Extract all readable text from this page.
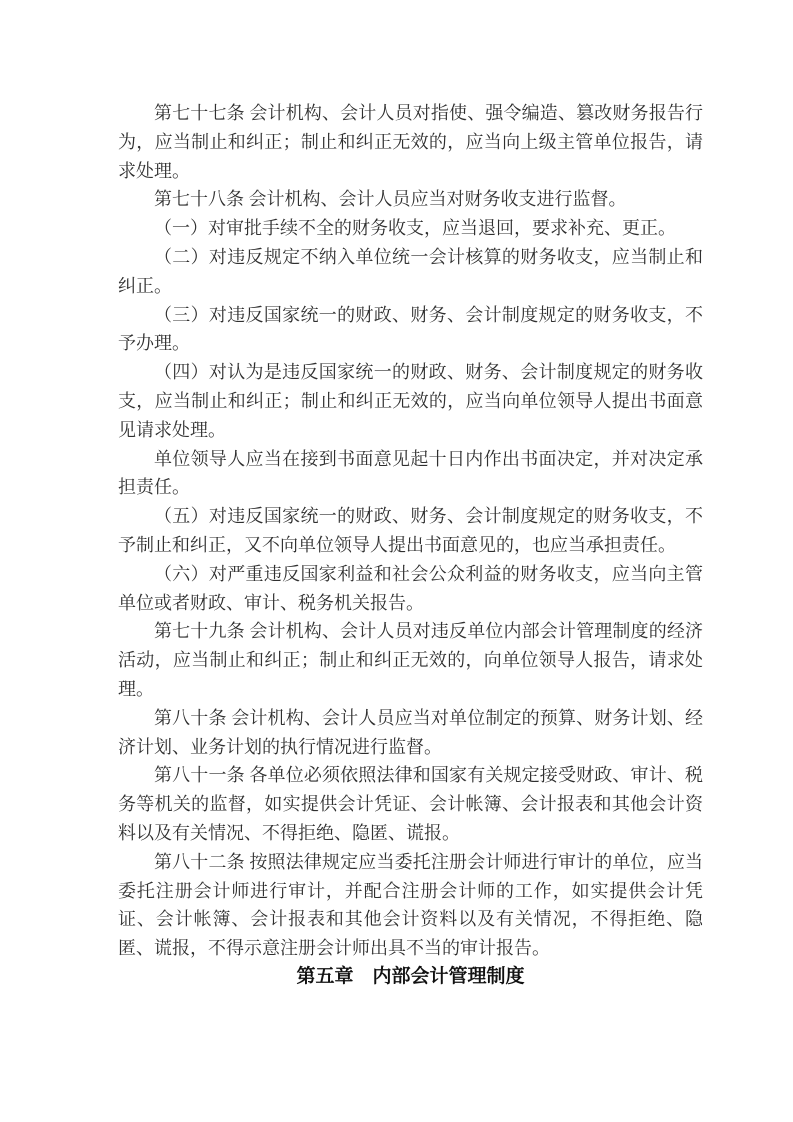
第七十七条 会计机构、会计人员对指使、强令编造、篡改财务报告行为，应当制止和纠正；制止和纠正无效的，应当向上级主管单位报告，请求处理。

第七十八条 会计机构、会计人员应当对财务收支进行监督。

（一）对审批手续不全的财务收支，应当退回，要求补充、更正。

（二）对违反规定不纳入单位统一会计核算的财务收支，应当制止和纠正。

（三）对违反国家统一的财政、财务、会计制度规定的财务收支，不予办理。

（四）对认为是违反国家统一的财政、财务、会计制度规定的财务收支，应当制止和纠正；制止和纠正无效的，应当向单位领导人提出书面意见请求处理。

单位领导人应当在接到书面意见起十日内作出书面决定，并对决定承担责任。

（五）对违反国家统一的财政、财务、会计制度规定的财务收支，不予制止和纠正，又不向单位领导人提出书面意见的，也应当承担责任。

（六）对严重违反国家利益和社会公众利益的财务收支，应当向主管单位或者财政、审计、税务机关报告。

第七十九条 会计机构、会计人员对违反单位内部会计管理制度的经济活动，应当制止和纠正；制止和纠正无效的，向单位领导人报告，请求处理。

第八十条 会计机构、会计人员应当对单位制定的预算、财务计划、经济计划、业务计划的执行情况进行监督。

第八十一条 各单位必须依照法律和国家有关规定接受财政、审计、税务等机关的监督，如实提供会计凭证、会计帐簿、会计报表和其他会计资料以及有关情况、不得拒绝、隐匿、谎报。

第八十二条 按照法律规定应当委托注册会计师进行审计的单位，应当委托注册会计师进行审计，并配合注册会计师的工作，如实提供会计凭证、会计帐簿、会计报表和其他会计资料以及有关情况，不得拒绝、隐匿、谎报，不得示意注册会计师出具不当的审计报告。

第五章　内部会计管理制度
